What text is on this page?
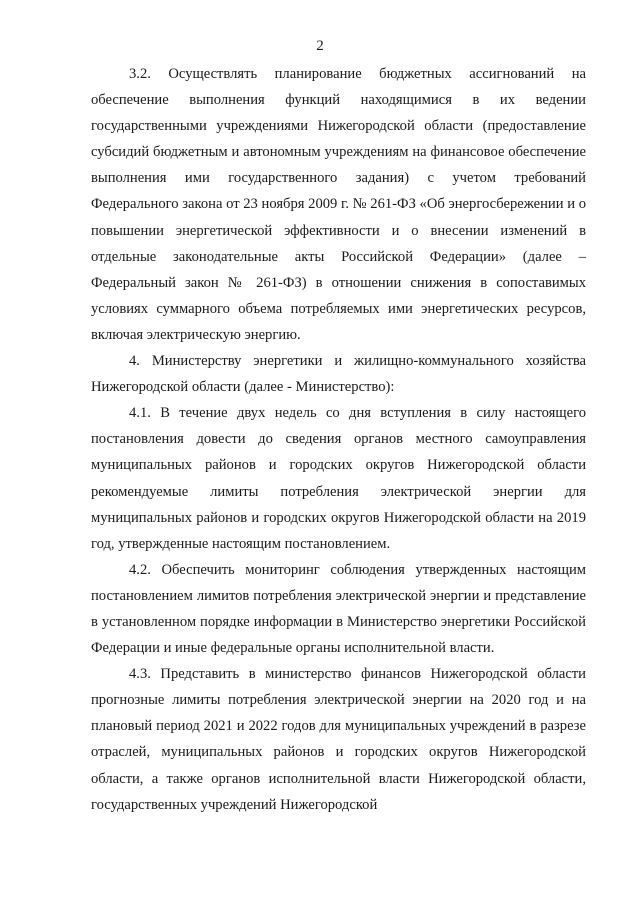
2

3.2. Осуществлять планирование бюджетных ассигнований на обеспечение выполнения функций находящимися в их ведении государственными учреждениями Нижегородской области (предоставление субсидий бюджетным и автономным учреждениям на финансовое обеспечение выполнения ими государственного задания) с учетом требований Федерального закона от 23 ноября 2009 г. № 261-ФЗ «Об энергосбережении и о повышении энергетической эффективности и о внесении изменений в отдельные законодательные акты Российской Федерации» (далее – Федеральный закон № 261-ФЗ) в отношении снижения в сопоставимых условиях суммарного объема потребляемых ими энергетических ресурсов, включая электрическую энергию.

4. Министерству энергетики и жилищно-коммунального хозяйства Нижегородской области (далее - Министерство):

4.1. В течение двух недель со дня вступления в силу настоящего постановления довести до сведения органов местного самоуправления муниципальных районов и городских округов Нижегородской области рекомендуемые лимиты потребления электрической энергии для муниципальных районов и городских округов Нижегородской области на 2019 год, утвержденные настоящим постановлением.

4.2. Обеспечить мониторинг соблюдения утвержденных настоящим постановлением лимитов потребления электрической энергии и представление в установленном порядке информации в Министерство энергетики Российской Федерации и иные федеральные органы исполнительной власти.

4.3. Представить в министерство финансов Нижегородской области прогнозные лимиты потребления электрической энергии на 2020 год и на плановый период 2021 и 2022 годов для муниципальных учреждений в разрезе отраслей, муниципальных районов и городских округов Нижегородской области, а также органов исполнительной власти Нижегородской области, государственных учреждений Нижегородской
